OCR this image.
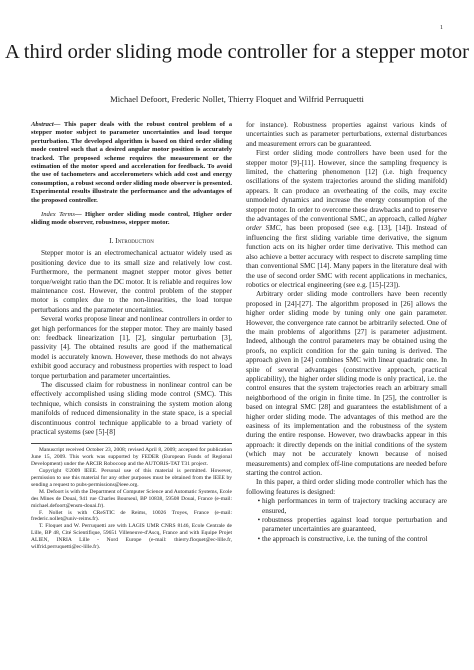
1
A third order sliding mode controller for a stepper motor
Michael Defoort, Frederic Nollet, Thierry Floquet and Wilfrid Perruquetti

Abstract— This paper deals with the robust control problem of a stepper motor subject to parameter uncertainties and load torque perturbation. The developed algorithm is based on third order sliding mode control such that a desired angular motor position is accurately tracked. The proposed scheme requires the measurement or the estimation of the motor speed and acceleration for feedback. To avoid the use of tachometers and accelerometers which add cost and energy consumption, a robust second order sliding mode observer is presented. Experimental results illustrate the performance and the advantages of the proposed controller.

Index Terms— Higher order sliding mode control, Higher order sliding mode observer, robustness, stepper motor.

I. Introduction

Stepper motor is an electromechanical actuator widely used as positioning device due to its small size and relatively low cost. Furthermore, the permanent magnet stepper motor gives better torque/weight ratio than the DC motor. It is reliable and requires low maintenance cost. However, the control problem of the stepper motor is complex due to the non-linearities, the load torque perturbations and the parameter uncertainties.

Several works propose linear and nonlinear controllers in order to get high performances for the stepper motor. They are mainly based on: feedback linearization [1], [2], singular perturbation [3], passivity [4]. The obtained results are good if the mathematical model is accurately known. However, these methods do not always exhibit good accuracy and robustness properties with respect to load torque perturbation and parameter uncertainties.

The discussed claim for robustness in nonlinear control can be effectively accomplished using sliding mode control (SMC). This technique, which consists in constraining the system motion along manifolds of reduced dimensionality in the state space, is a special discontinuous control technique applicable to a broad variety of practical systems (see [5]-[8]

Manuscript received October 23, 2008; revised April 8, 2009; accepted for publication June 15, 2009. This work was supported by FEDER (European Funds of Regional Development) under the ARCIR Robocoop and the AUTORIS-TAT T31 project.

Copyright ©2009 IEEE. Personal use of this material is permitted. However, permission to use this material for any other purposes must be obtained from the IEEE by sending a request to pubs-permissions@ieee.org.

M. Defoort is with the Department of Computer Science and Automatic Systems, Ecole des Mines de Douai, 941 rue Charles Bourseul, BP 10838, 59508 Douai, France (e-mail: michael.defoort@ensm-douai.fr).

F. Nollet is with CReSTIC de Reims, 10026 Troyes, France (e-mail: frederic.nollet@univ-reims.fr).

T. Floquet and W. Perruquetti are with LAGIS UMR CNRS 8146, Ecole Centrale de Lille, BP 48, Cité Scientifique, 59651 Villeneuve-d'Ascq, France and with Equipe Projet ALIEN, INRIA Lille - Nord Europe (e-mail: thierry.floquet@ec-lille.fr, wilfrid.perruquetti@ec-lille.fr).

for instance). Robustness properties against various kinds of uncertainties such as parameter perturbations, external disturbances and measurement errors can be guaranteed.

First order sliding mode controllers have been used for the stepper motor [9]-[11]. However, since the sampling frequency is limited, the chattering phenomenon [12] (i.e. high frequency oscillations of the system trajectories around the sliding manifold) appears. It can produce an overheating of the coils, may excite unmodeled dynamics and increase the energy consumption of the stepper motor. In order to overcome these drawbacks and to preserve the advantages of the conventional SMC, an approach, called higher order SMC, has been proposed (see e.g. [13], [14]). Instead of influencing the first sliding variable time derivative, the signum function acts on its higher order time derivative. This method can also achieve a better accuracy with respect to discrete sampling time than conventional SMC [14]. Many papers in the literature deal with the use of second order SMC with recent applications in mechanics, robotics or electrical engineering (see e.g. [15]-[23]).

Arbitrary order sliding mode controllers have been recently proposed in [24]-[27]. The algorithm proposed in [26] allows the higher order sliding mode by tuning only one gain parameter. However, the convergence rate cannot be arbitrarily selected. One of the main problems of algorithms [27] is parameter adjustment. Indeed, although the control parameters may be obtained using the proofs, no explicit condition for the gain tuning is derived. The approach given in [24] combines SMC with linear quadratic one. In spite of several advantages (constructive approach, practical applicability), the higher order sliding mode is only practical, i.e. the control ensures that the system trajectories reach an arbitrary small neighborhood of the origin in finite time. In [25], the controller is based on integral SMC [28] and guarantees the establishment of a higher order sliding mode. The advantages of this method are the easiness of its implementation and the robustness of the system during the entire response. However, two drawbacks appear in this approach: it directly depends on the initial conditions of the system (which may not be accurately known because of noised measurements) and complex off-line computations are needed before starting the control action.

In this paper, a third order sliding mode controller which has the following features is designed:

• high performances in term of trajectory tracking accuracy are ensured,
• robustness properties against load torque perturbation and parameter uncertainties are guaranteed,
• the approach is constructive, i.e. the tuning of the control
